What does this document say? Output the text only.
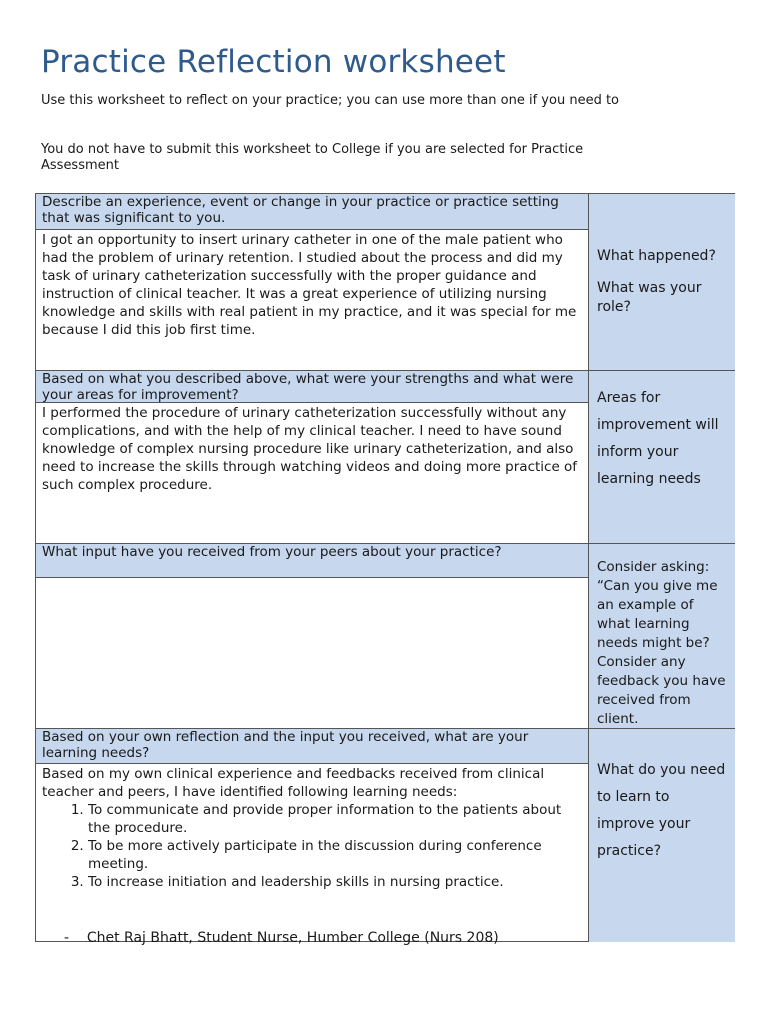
Practice Reflection worksheet
Use this worksheet to reflect on your practice; you can use more than one if you need to
You do not have to submit this worksheet to College if you are selected for Practice Assessment
Describe an experience, event or change in your practice or practice setting that was significant to you.
I got an opportunity to insert urinary catheter in one of the male patient who had the problem of urinary retention. I studied about the process and did my task of urinary catheterization successfully with the proper guidance and instruction of clinical teacher. It was a great experience of utilizing nursing knowledge and skills with real patient in my practice, and it was special for me because I did this job first time.

What happened?

What was your role?

Based on what you described above, what were your strengths and what were your areas for improvement?
I performed the procedure of urinary catheterization successfully without any complications, and with the help of my clinical teacher. I need to have sound knowledge of complex nursing procedure like urinary catheterization, and also need to increase the skills through watching videos and doing more practice of such complex procedure.

Areas for improvement will inform your learning needs

What input have you received from your peers about your practice?

Consider asking: “Can you give me an example of what learning needs might be? Consider any feedback you have received from client.

Based on your own reflection and the input you received, what are your learning needs?
Based on my own clinical experience and feedbacks received from clinical teacher and peers, I have identified following learning needs:
1. To communicate and provide proper information to the patients about the procedure.
2. To be more actively participate in the discussion during conference meeting.
3. To increase initiation and leadership skills in nursing practice.
-    Chet Raj Bhatt, Student Nurse, Humber College (Nurs 208)

What do you need to learn to improve your practice?
